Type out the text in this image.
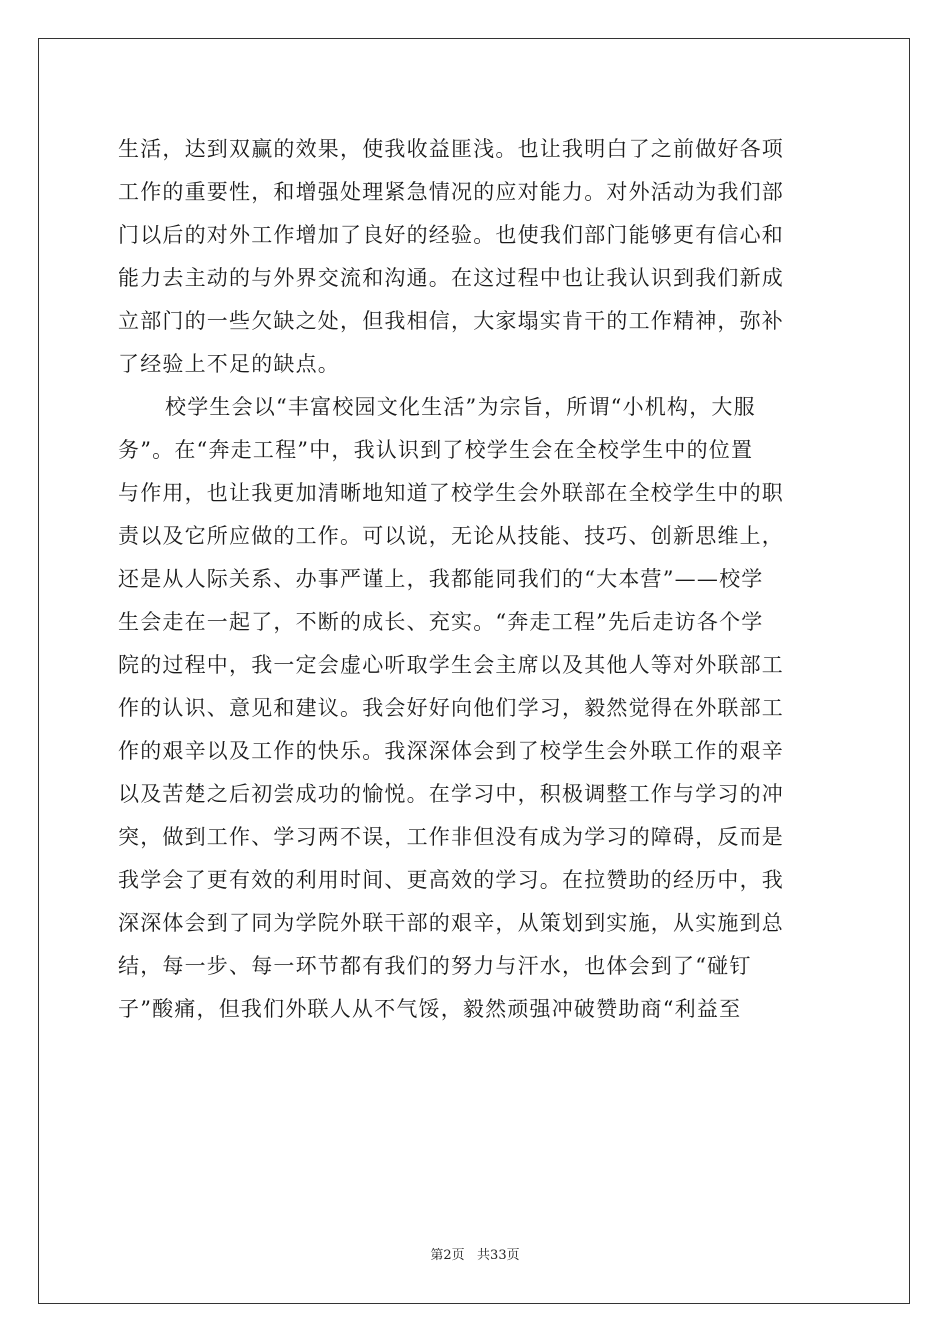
生活，达到双赢的效果，使我收益匪浅。也让我明白了之前做好各项
工作的重要性，和增强处理紧急情况的应对能力。对外活动为我们部
门以后的对外工作增加了良好的经验。也使我们部门能够更有信心和
能力去主动的与外界交流和沟通。在这过程中也让我认识到我们新成
立部门的一些欠缺之处，但我相信，大家塌实肯干的工作精神，弥补
了经验上不足的缺点。
校学生会以“丰富校园文化生活”为宗旨，所谓“小机构，大服
务”。在“奔走工程”中，我认识到了校学生会在全校学生中的位置
与作用，也让我更加清晰地知道了校学生会外联部在全校学生中的职
责以及它所应做的工作。可以说，无论从技能、技巧、创新思维上，
还是从人际关系、办事严谨上，我都能同我们的“大本营”——校学
生会走在一起了，不断的成长、充实。“奔走工程”先后走访各个学
院的过程中，我一定会虚心听取学生会主席以及其他人等对外联部工
作的认识、意见和建议。我会好好向他们学习，毅然觉得在外联部工
作的艰辛以及工作的快乐。我深深体会到了校学生会外联工作的艰辛
以及苦楚之后初尝成功的愉悦。在学习中，积极调整工作与学习的冲
突，做到工作、学习两不误，工作非但没有成为学习的障碍，反而是
我学会了更有效的利用时间、更高效的学习。在拉赞助的经历中，我
深深体会到了同为学院外联干部的艰辛，从策划到实施，从实施到总
结，每一步、每一环节都有我们的努力与汗水，也体会到了“碰钉
子”酸痛，但我们外联人从不气馁，毅然顽强冲破赞助商“利益至
第2页   共33页
